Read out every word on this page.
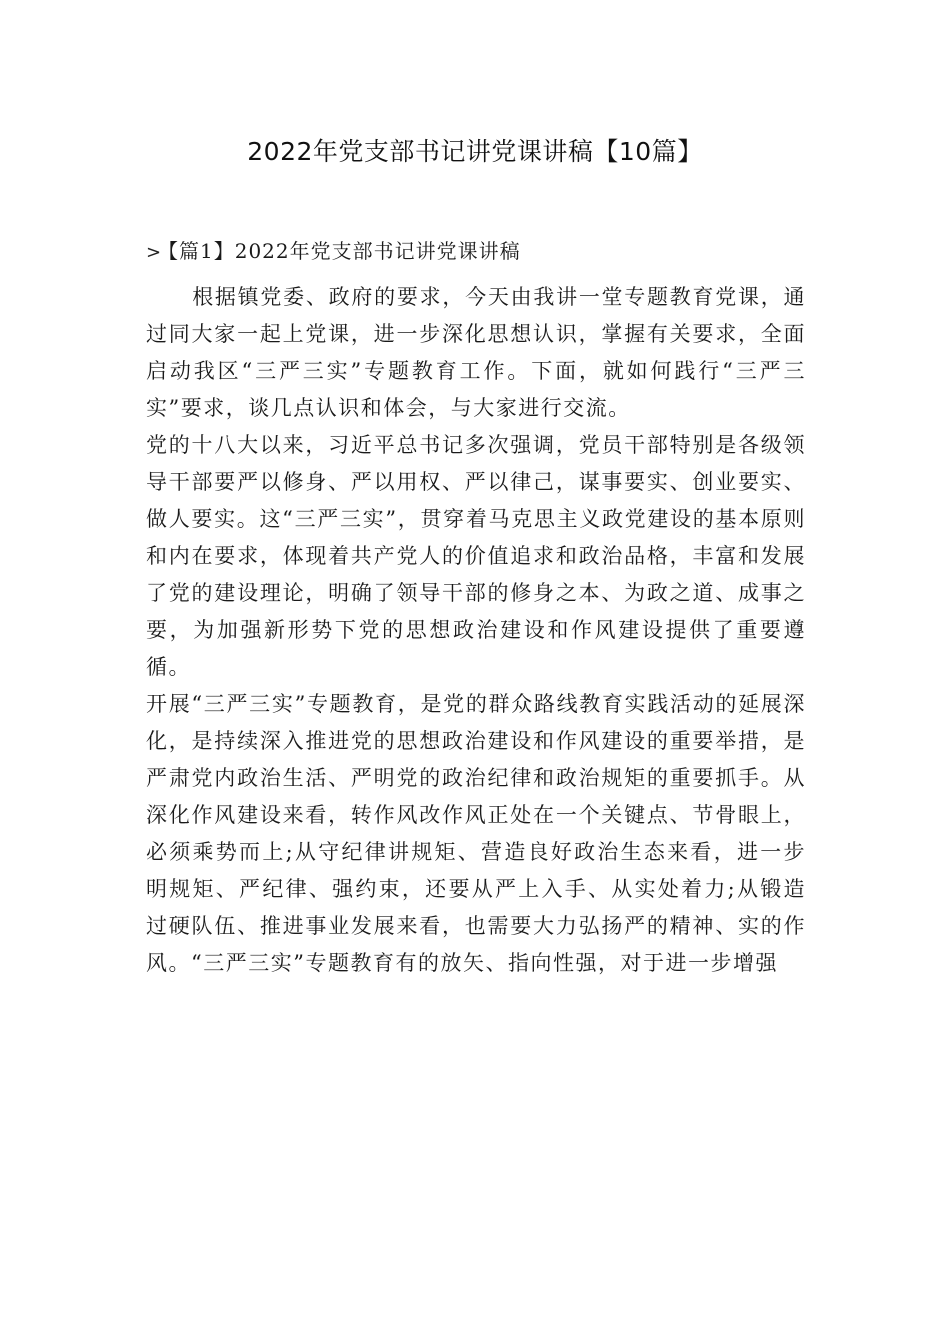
2022年党支部书记讲党课讲稿【10篇】
>【篇1】2022年党支部书记讲党课讲稿

根据镇党委、政府的要求，今天由我讲一堂专题教育党课，通过同大家一起上党课，进一步深化思想认识，掌握有关要求，全面启动我区“三严三实”专题教育工作。下面，就如何践行“三严三实”要求，谈几点认识和体会，与大家进行交流。

党的十八大以来，习近平总书记多次强调，党员干部特别是各级领导干部要严以修身、严以用权、严以律己，谋事要实、创业要实、做人要实。这“三严三实”，贯穿着马克思主义政党建设的基本原则和内在要求，体现着共产党人的价值追求和政治品格，丰富和发展了党的建设理论，明确了领导干部的修身之本、为政之道、成事之要，为加强新形势下党的思想政治建设和作风建设提供了重要遵循。

开展“三严三实”专题教育，是党的群众路线教育实践活动的延展深化，是持续深入推进党的思想政治建设和作风建设的重要举措，是严肃党内政治生活、严明党的政治纪律和政治规矩的重要抓手。从深化作风建设来看，转作风改作风正处在一个关键点、节骨眼上，必须乘势而上;从守纪律讲规矩、营造良好政治生态来看，进一步明规矩、严纪律、强约束，还要从严上入手、从实处着力;从锻造过硬队伍、推进事业发展来看，也需要大力弘扬严的精神、实的作风。“三严三实”专题教育有的放矢、指向性强，对于进一步增强
